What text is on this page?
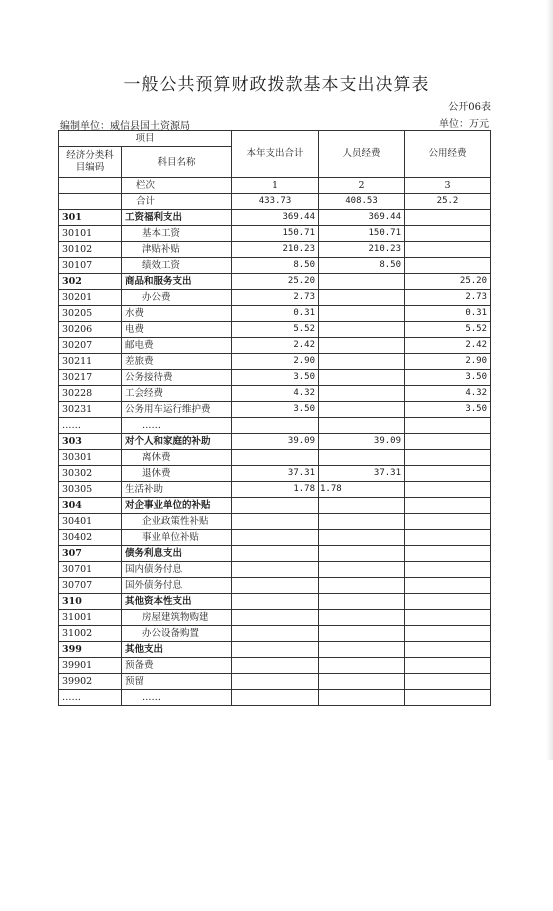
一般公共预算财政拨款基本支出决算表
公开06表
编制单位：威信县国土资源局	单位：万元
项目		本年支出合计	人员经费	公用经费
经济分类科目编码	科目名称			
	栏次	1	2	3
	合计	433.73	408.53	25.2
301	工资福利支出	369.44	369.44	
30101	基本工资	150.71	150.71	
30102	津贴补贴	210.23	210.23	
30107	绩效工资	8.50	8.50	
302	商品和服务支出	25.20		25.20
30201	办公费	2.73		2.73
30205	水费	0.31		0.31
30206	电费	5.52		5.52
30207	邮电费	2.42		2.42
30211	差旅费	2.90		2.90
30217	公务接待费	3.50		3.50
30228	工会经费	4.32		4.32
30231	公务用车运行维护费	3.50		3.50
……	……			
303	对个人和家庭的补助	39.09	39.09	
30301	离休费			
30302	退休费	37.31	37.31	
30305	生活补助	1.78	1.78	
304	对企事业单位的补贴			
30401	企业政策性补贴			
30402	事业单位补贴			
307	债务利息支出			
30701	国内债务付息			
30707	国外债务付息			
310	其他资本性支出			
31001	房屋建筑物购建			
31002	办公设备购置			
399	其他支出			
39901	预备费			
39902	预留			
……	……			
